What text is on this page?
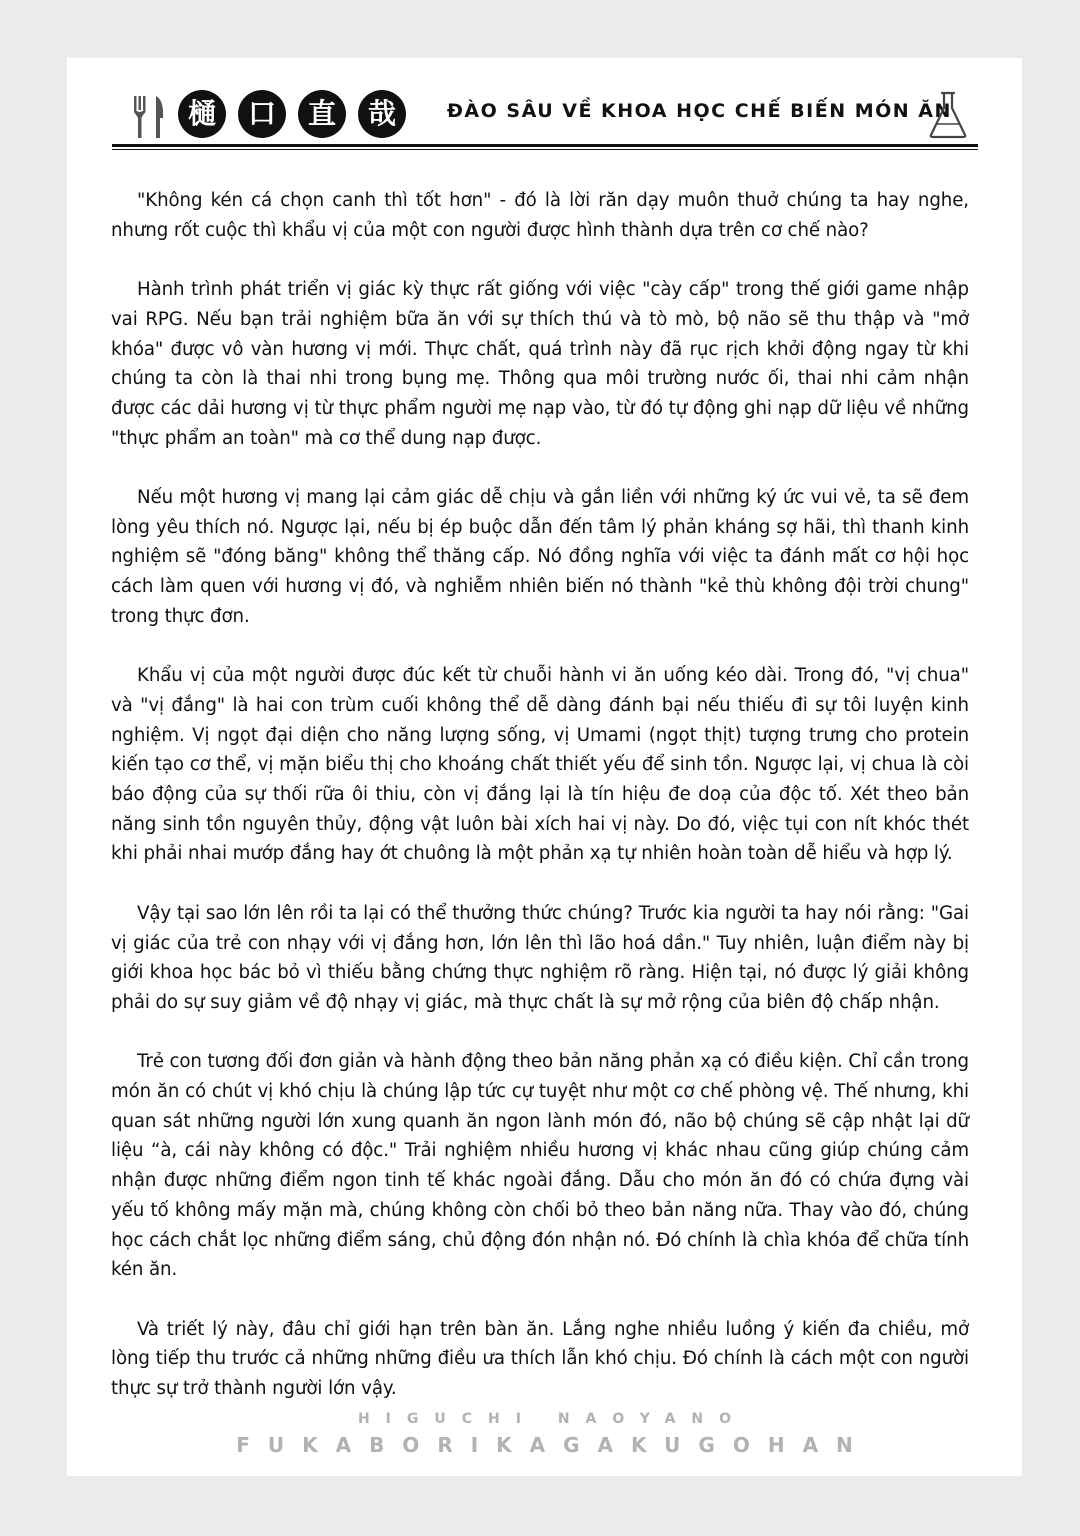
樋	口	直	哉	ĐÀO SÂU VỀ KHOA HỌC CHẾ BIẾN MÓN ĂN

"Không kén cá chọn canh thì tốt hơn" - đó là lời răn dạy muôn thuở chúng ta hay nghe, nhưng rốt cuộc thì khẩu vị của một con người được hình thành dựa trên cơ chế nào?

Hành trình phát triển vị giác kỳ thực rất giống với việc "cày cấp" trong thế giới game nhập vai RPG. Nếu bạn trải nghiệm bữa ăn với sự thích thú và tò mò, bộ não sẽ thu thập và "mở khóa" được vô vàn hương vị mới. Thực chất, quá trình này đã rục rịch khởi động ngay từ khi chúng ta còn là thai nhi trong bụng mẹ. Thông qua môi trường nước ối, thai nhi cảm nhận được các dải hương vị từ thực phẩm người mẹ nạp vào, từ đó tự động ghi nạp dữ liệu về những "thực phẩm an toàn" mà cơ thể dung nạp được.

Nếu một hương vị mang lại cảm giác dễ chịu và gắn liền với những ký ức vui vẻ, ta sẽ đem lòng yêu thích nó. Ngược lại, nếu bị ép buộc dẫn đến tâm lý phản kháng sợ hãi, thì thanh kinh nghiệm sẽ "đóng băng" không thể thăng cấp. Nó đồng nghĩa với việc ta đánh mất cơ hội học cách làm quen với hương vị đó, và nghiễm nhiên biến nó thành "kẻ thù không đội trời chung" trong thực đơn.

Khẩu vị của một người được đúc kết từ chuỗi hành vi ăn uống kéo dài. Trong đó, "vị chua" và "vị đắng" là hai con trùm cuối không thể dễ dàng đánh bại nếu thiếu đi sự tôi luyện kinh nghiệm. Vị ngọt đại diện cho năng lượng sống, vị Umami (ngọt thịt) tượng trưng cho protein kiến tạo cơ thể, vị mặn biểu thị cho khoáng chất thiết yếu để sinh tồn. Ngược lại, vị chua là còi báo động của sự thối rữa ôi thiu, còn vị đắng lại là tín hiệu đe doạ của độc tố. Xét theo bản năng sinh tồn nguyên thủy, động vật luôn bài xích hai vị này. Do đó, việc tụi con nít khóc thét khi phải nhai mướp đắng hay ớt chuông là một phản xạ tự nhiên hoàn toàn dễ hiểu và hợp lý.

Vậy tại sao lớn lên rồi ta lại có thể thưởng thức chúng? Trước kia người ta hay nói rằng: "Gai vị giác của trẻ con nhạy với vị đắng hơn, lớn lên thì lão hoá dần." Tuy nhiên, luận điểm này bị giới khoa học bác bỏ vì thiếu bằng chứng thực nghiệm rõ ràng. Hiện tại, nó được lý giải không phải do sự suy giảm về độ nhạy vị giác, mà thực chất là sự mở rộng của biên độ chấp nhận.

Trẻ con tương đối đơn giản và hành động theo bản năng phản xạ có điều kiện. Chỉ cần trong món ăn có chút vị khó chịu là chúng lập tức cự tuyệt như một cơ chế phòng vệ. Thế nhưng, khi quan sát những người lớn xung quanh ăn ngon lành món đó, não bộ chúng sẽ cập nhật lại dữ liệu “à, cái này không có độc." Trải nghiệm nhiều hương vị khác nhau cũng giúp chúng cảm nhận được những điểm ngon tinh tế khác ngoài đắng. Dẫu cho món ăn đó có chứa đựng vài yếu tố không mấy mặn mà, chúng không còn chối bỏ theo bản năng nữa. Thay vào đó, chúng học cách chắt lọc những điểm sáng, chủ động đón nhận nó. Đó chính là chìa khóa để chữa tính kén ăn.

Và triết lý này, đâu chỉ giới hạn trên bàn ăn. Lắng nghe nhiều luồng ý kiến đa chiều, mở lòng tiếp thu trước cả những những điều ưa thích lẫn khó chịu. Đó chính là cách một con người thực sự trở thành người lớn vậy.

HIGUCHI NAOYANO
FUKABORIKAGAKUGOHAN
